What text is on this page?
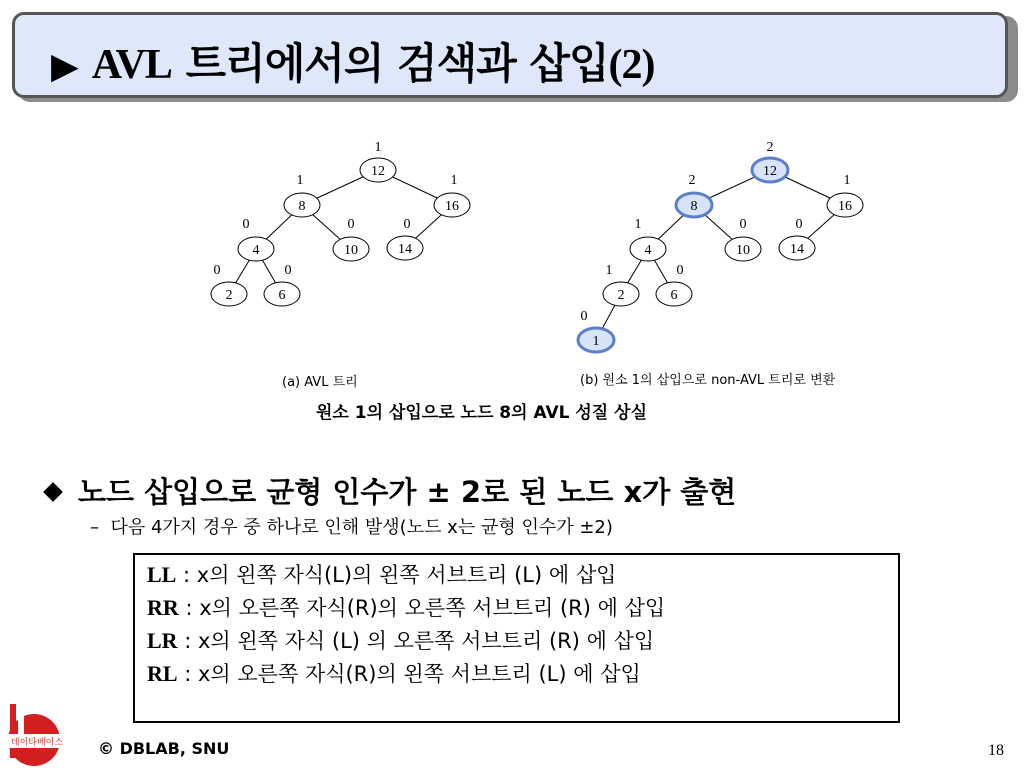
▶ AVL 트리에서의 검색과 삽입(2)
12
1
8
1
16
1
4
0
10
0
14
0
2
0
6
0
12
2
8
2
16
1
4
1
10
0
14
0
2
1
6
0
1
0
(a) AVL 트리	(b) 원소 1의 삽입으로 non-AVL 트리로 변환
원소 1의 삽입으로 노드 8의 AVL 성질 상실
노드 삽입으로 균형 인수가 ± 2로 된 노드 x가 출현
–  다음 4가지 경우 중 하나로 인해 발생(노드 x는 균형 인수가 ±2)
LL : x의 왼쪽 자식(L)의 왼쪽 서브트리 (L) 에 삽입
RR : x의 오른쪽 자식(R)의 오른쪽 서브트리 (R) 에 삽입
LR : x의 왼쪽 자식 (L) 의 오른쪽 서브트리 (R) 에 삽입
RL : x의 오른쪽 자식(R)의 왼쪽 서브트리 (L) 에 삽입
데이타베이스 © DBLAB, SNU	18
